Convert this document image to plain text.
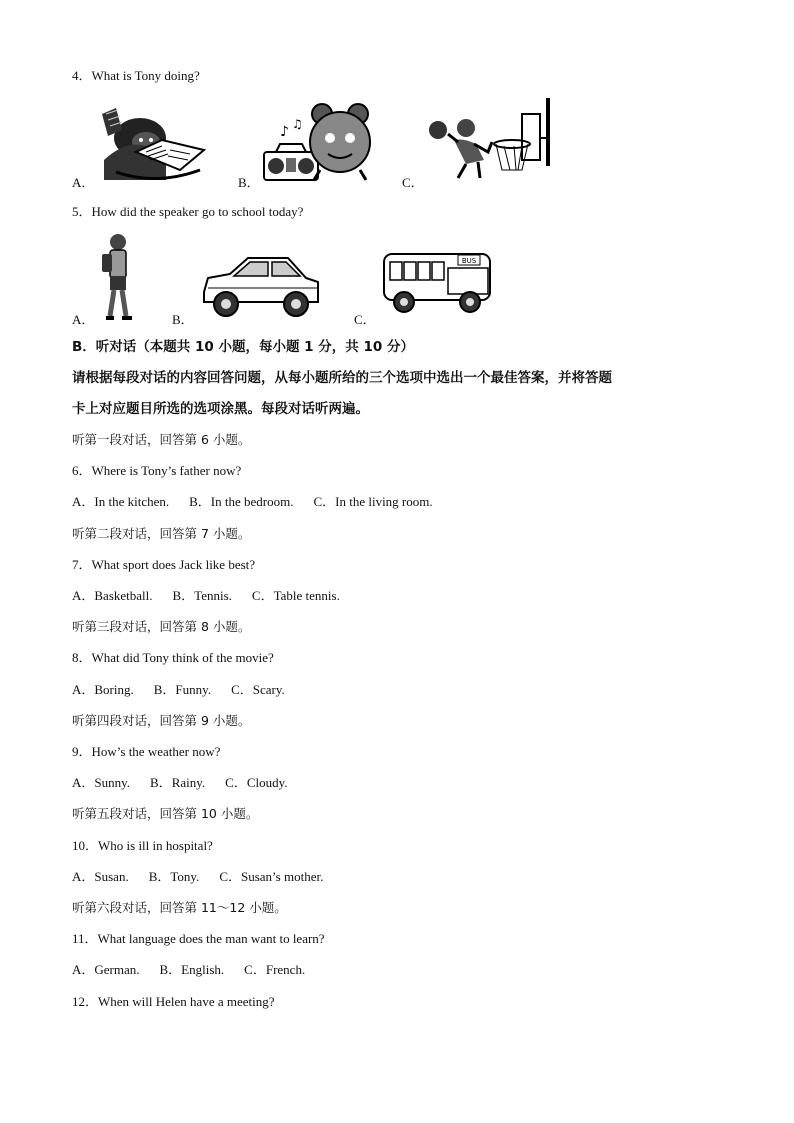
4．What is Tony doing?
A．	B．
♪ ♫
C．
5．How did the speaker go to school today?
A．	B．	C．
BUS
B．听对话（本题共 10 小题，每小题 1 分，共 10 分）
请根据每段对话的内容回答问题，从每小题所给的三个选项中选出一个最佳答案，并将答题
卡上对应题目所选的选项涂黑。每段对话听两遍。
听第一段对话，回答第 6 小题。
6．Where is Tony’s father now?
A．In the kitchen. B．In the bedroom. C．In the living room.
听第二段对话，回答第 7 小题。
7．What sport does Jack like best?
A．Basketball. B．Tennis. C．Table tennis.
听第三段对话，回答第 8 小题。
8．What did Tony think of the movie?
A．Boring. B．Funny. C．Scary.
听第四段对话，回答第 9 小题。
9．How’s the weather now?
A．Sunny. B．Rainy. C．Cloudy.
听第五段对话，回答第 10 小题。
10．Who is ill in hospital?
A．Susan. B．Tony. C．Susan’s mother.
听第六段对话，回答第 11～12 小题。
11．What language does the man want to learn?
A．German. B．English. C．French.
12．When will Helen have a meeting?
